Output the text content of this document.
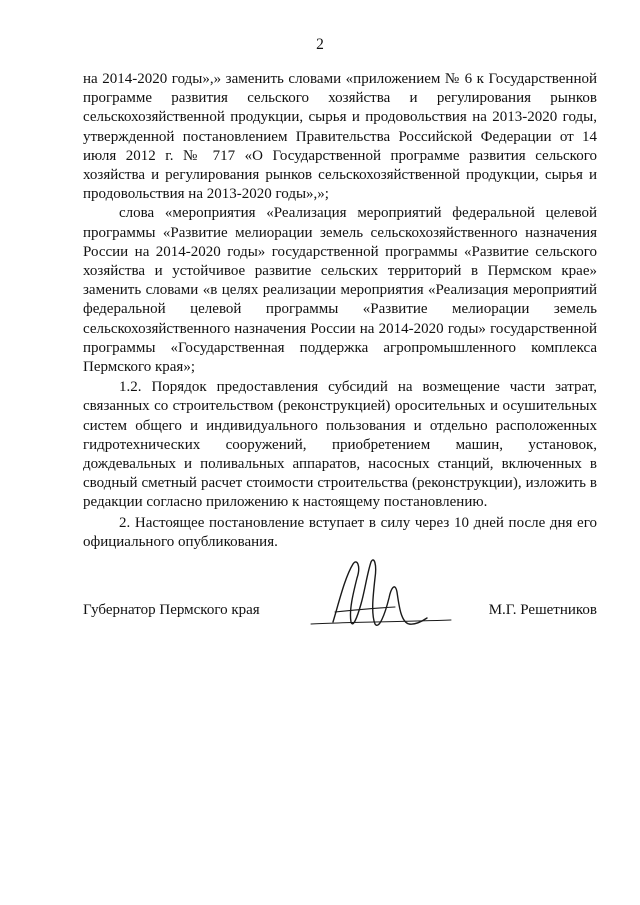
2

на 2014-2020 годы»,» заменить словами «приложением № 6 к Государственной программе развития сельского хозяйства и регулирования рынков сельскохозяйственной продукции, сырья и продовольствия на 2013-2020 годы, утвержденной постановлением Правительства Российской Федерации от 14 июля 2012 г. № 717 «О Государственной программе развития сельского хозяйства и регулирования рынков сельскохозяйственной продукции, сырья и продовольствия на 2013-2020 годы»,»;

слова «мероприятия «Реализация мероприятий федеральной целевой программы «Развитие мелиорации земель сельскохозяйственного назначения России на 2014-2020 годы» государственной программы «Развитие сельского хозяйства и устойчивое развитие сельских территорий в Пермском крае» заменить словами «в целях реализации мероприятия «Реализация мероприятий федеральной целевой программы «Развитие мелиорации земель сельскохозяйственного назначения России на 2014-2020 годы» государственной программы «Государственная поддержка агропромышленного комплекса Пермского края»;

1.2. Порядок предоставления субсидий на возмещение части затрат, связанных со строительством (реконструкцией) оросительных и осушительных систем общего и индивидуального пользования и отдельно расположенных гидротехнических сооружений, приобретением машин, установок, дождевальных и поливальных аппаратов, насосных станций, включенных в сводный сметный расчет стоимости строительства (реконструкции), изложить в редакции согласно приложению к настоящему постановлению.

2. Настоящее постановление вступает в силу через 10 дней после дня его официального опубликования.

Губернатор Пермского края	М.Г. Решетников
